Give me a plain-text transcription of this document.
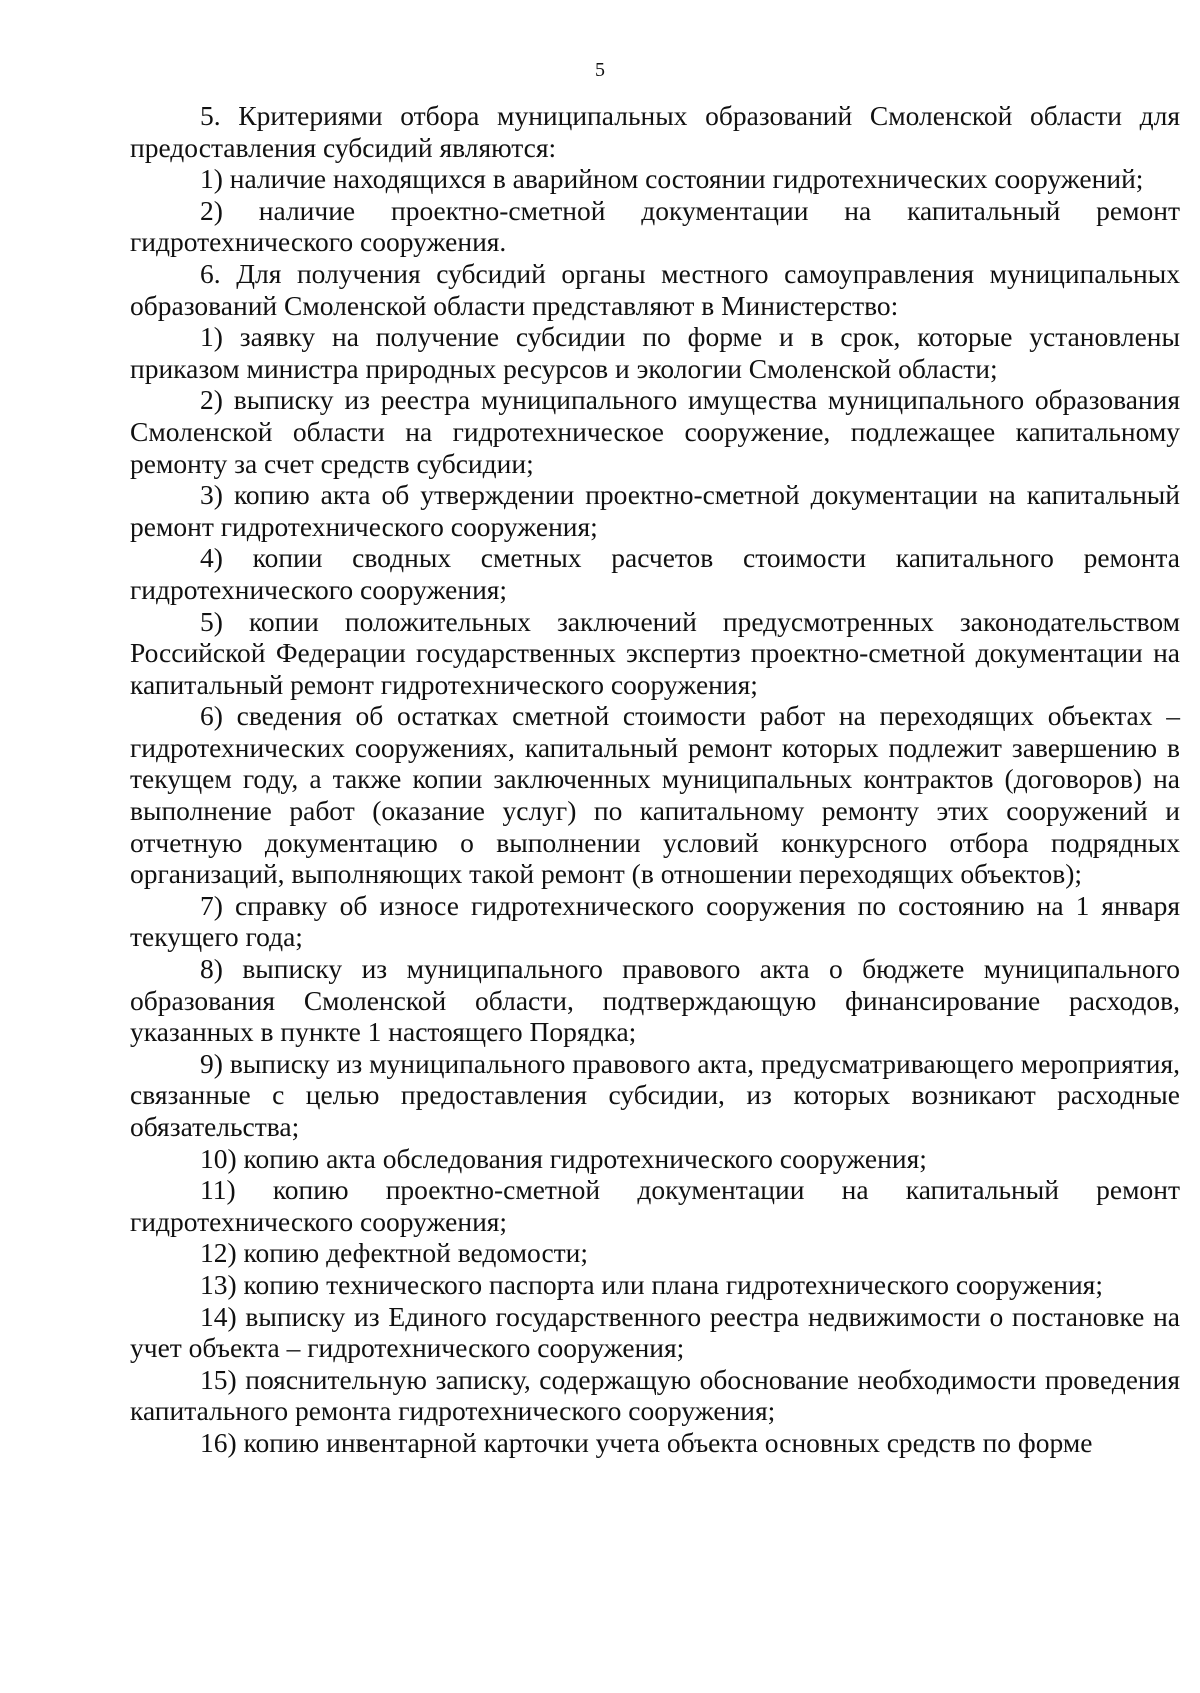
5

5. Критериями отбора муниципальных образований Смоленской области для предоставления субсидий являются:

1) наличие находящихся в аварийном состоянии гидротехнических сооружений;

2) наличие проектно-сметной документации на капитальный ремонт гидротехнического сооружения.

6. Для получения субсидий органы местного самоуправления муниципальных образований Смоленской области представляют в Министерство:

1) заявку на получение субсидии по форме и в срок, которые установлены приказом министра природных ресурсов и экологии Смоленской области;

2) выписку из реестра муниципального имущества муниципального образования Смоленской области на гидротехническое сооружение, подлежащее капитальному ремонту за счет средств субсидии;

3) копию акта об утверждении проектно-сметной документации на капитальный ремонт гидротехнического сооружения;

4) копии сводных сметных расчетов стоимости капитального ремонта гидротехнического сооружения;

5) копии положительных заключений предусмотренных законодательством Российской Федерации государственных экспертиз проектно-сметной документации на капитальный ремонт гидротехнического сооружения;

6) сведения об остатках сметной стоимости работ на переходящих объектах – гидротехнических сооружениях, капитальный ремонт которых подлежит завершению в текущем году, а также копии заключенных муниципальных контрактов (договоров) на выполнение работ (оказание услуг) по капитальному ремонту этих сооружений и отчетную документацию о выполнении условий конкурсного отбора подрядных организаций, выполняющих такой ремонт (в отношении переходящих объектов);

7) справку об износе гидротехнического сооружения по состоянию на 1 января текущего года;

8) выписку из муниципального правового акта о бюджете муниципального образования Смоленской области, подтверждающую финансирование расходов, указанных в пункте 1 настоящего Порядка;

9) выписку из муниципального правового акта, предусматривающего мероприятия, связанные с целью предоставления субсидии, из которых возникают расходные обязательства;

10) копию акта обследования гидротехнического сооружения;

11) копию проектно-сметной документации на капитальный ремонт гидротехнического сооружения;

12) копию дефектной ведомости;

13) копию технического паспорта или плана гидротехнического сооружения;

14) выписку из Единого государственного реестра недвижимости о постановке на учет объекта – гидротехнического сооружения;

15) пояснительную записку, содержащую обоснование необходимости проведения капитального ремонта гидротехнического сооружения;

16) копию инвентарной карточки учета объекта основных средств по форме
